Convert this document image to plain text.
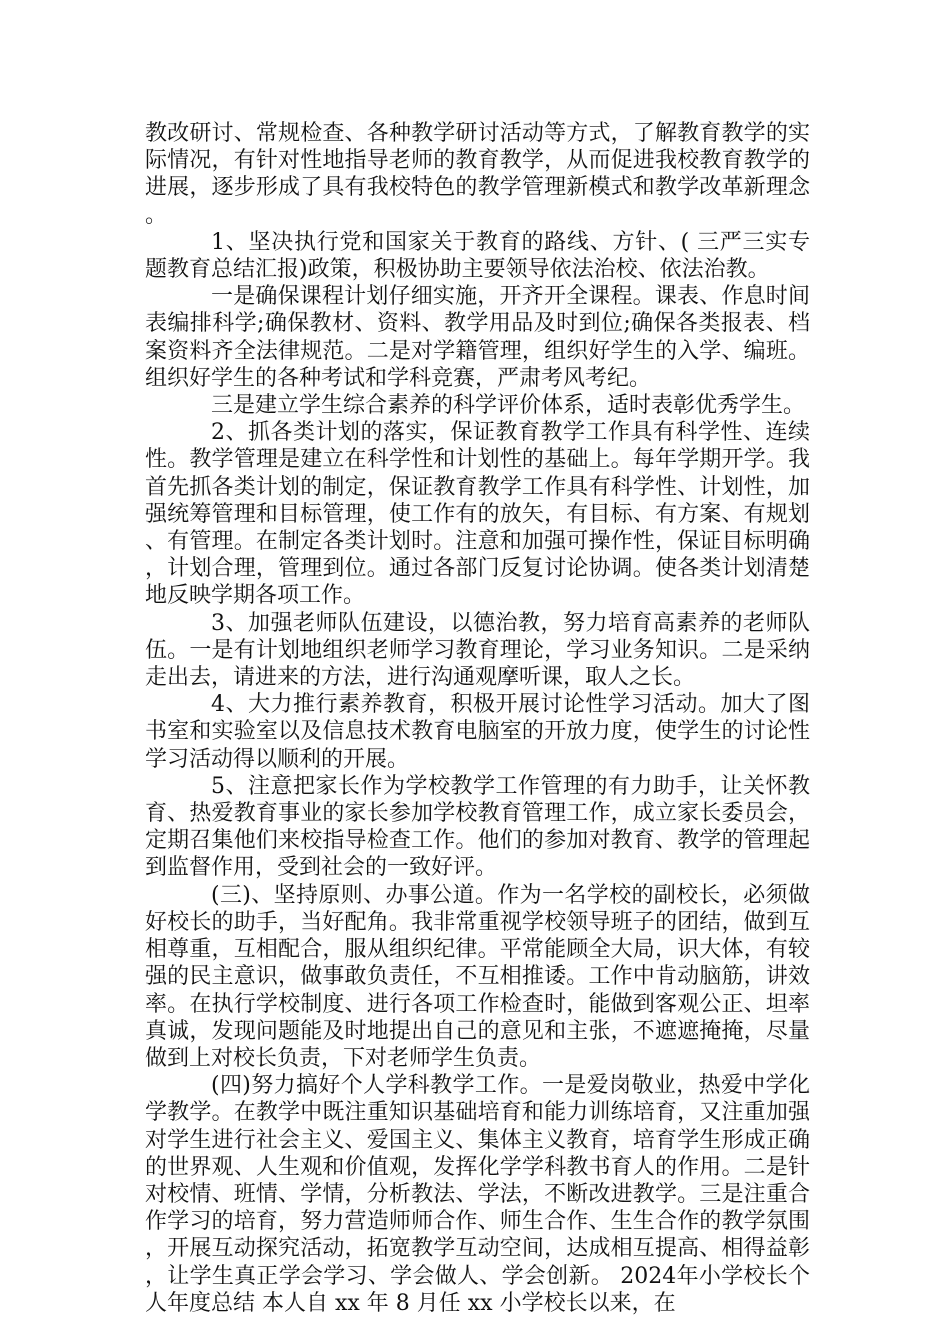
教改研讨、常规检查、各种教学研讨活动等方式，了解教育教学的实际情况，有针对性地指导老师的教育教学，从而促进我校教育教学的进展，逐步形成了具有我校特色的教学管理新模式和教学改革新理念。

1、坚决执行党和国家关于教育的路线、方针、( 三严三实专题教育总结汇报)政策，积极协助主要领导依法治校、依法治教。

一是确保课程计划仔细实施，开齐开全课程。课表、作息时间表编排科学;确保教材、资料、教学用品及时到位;确保各类报表、档案资料齐全法律规范。二是对学籍管理，组织好学生的入学、编班。组织好学生的各种考试和学科竞赛，严肃考风考纪。

三是建立学生综合素养的科学评价体系，适时表彰优秀学生。

2、抓各类计划的落实，保证教育教学工作具有科学性、连续性。教学管理是建立在科学性和计划性的基础上。每年学期开学。我首先抓各类计划的制定，保证教育教学工作具有科学性、计划性，加强统筹管理和目标管理，使工作有的放矢，有目标、有方案、有规划、有管理。在制定各类计划时。注意和加强可操作性，保证目标明确，计划合理，管理到位。通过各部门反复讨论协调。使各类计划清楚地反映学期各项工作。

3、加强老师队伍建设，以德治教，努力培育高素养的老师队伍。一是有计划地组织老师学习教育理论，学习业务知识。二是采纳走出去，请进来的方法，进行沟通观摩听课，取人之长。

4、大力推行素养教育，积极开展讨论性学习活动。加大了图书室和实验室以及信息技术教育电脑室的开放力度，使学生的讨论性学习活动得以顺利的开展。

5、注意把家长作为学校教学工作管理的有力助手，让关怀教育、热爱教育事业的家长参加学校教育管理工作，成立家长委员会，定期召集他们来校指导检查工作。他们的参加对教育、教学的管理起到监督作用，受到社会的一致好评。

(三)、坚持原则、办事公道。作为一名学校的副校长，必须做好校长的助手，当好配角。我非常重视学校领导班子的团结，做到互相尊重，互相配合，服从组织纪律。平常能顾全大局，识大体，有较强的民主意识，做事敢负责任，不互相推诿。工作中肯动脑筋，讲效率。在执行学校制度、进行各项工作检查时，能做到客观公正、坦率真诚，发现问题能及时地提出自己的意见和主张，不遮遮掩掩，尽量做到上对校长负责，下对老师学生负责。

(四)努力搞好个人学科教学工作。一是爱岗敬业，热爱中学化学教学。在教学中既注重知识基础培育和能力训练培育，又注重加强对学生进行社会主义、爱国主义、集体主义教育，培育学生形成正确的世界观、人生观和价值观，发挥化学学科教书育人的作用。二是针对校情、班情、学情，分析教法、学法，不断改进教学。三是注重合作学习的培育，努力营造师师合作、师生合作、生生合作的教学氛围，开展互动探究活动，拓宽教学互动空间，达成相互提高、相得益彰，让学生真正学会学习、学会做人、学会创新。 2024年小学校长个人年度总结 本人自 xx 年 8 月任 xx 小学校长以来，在
